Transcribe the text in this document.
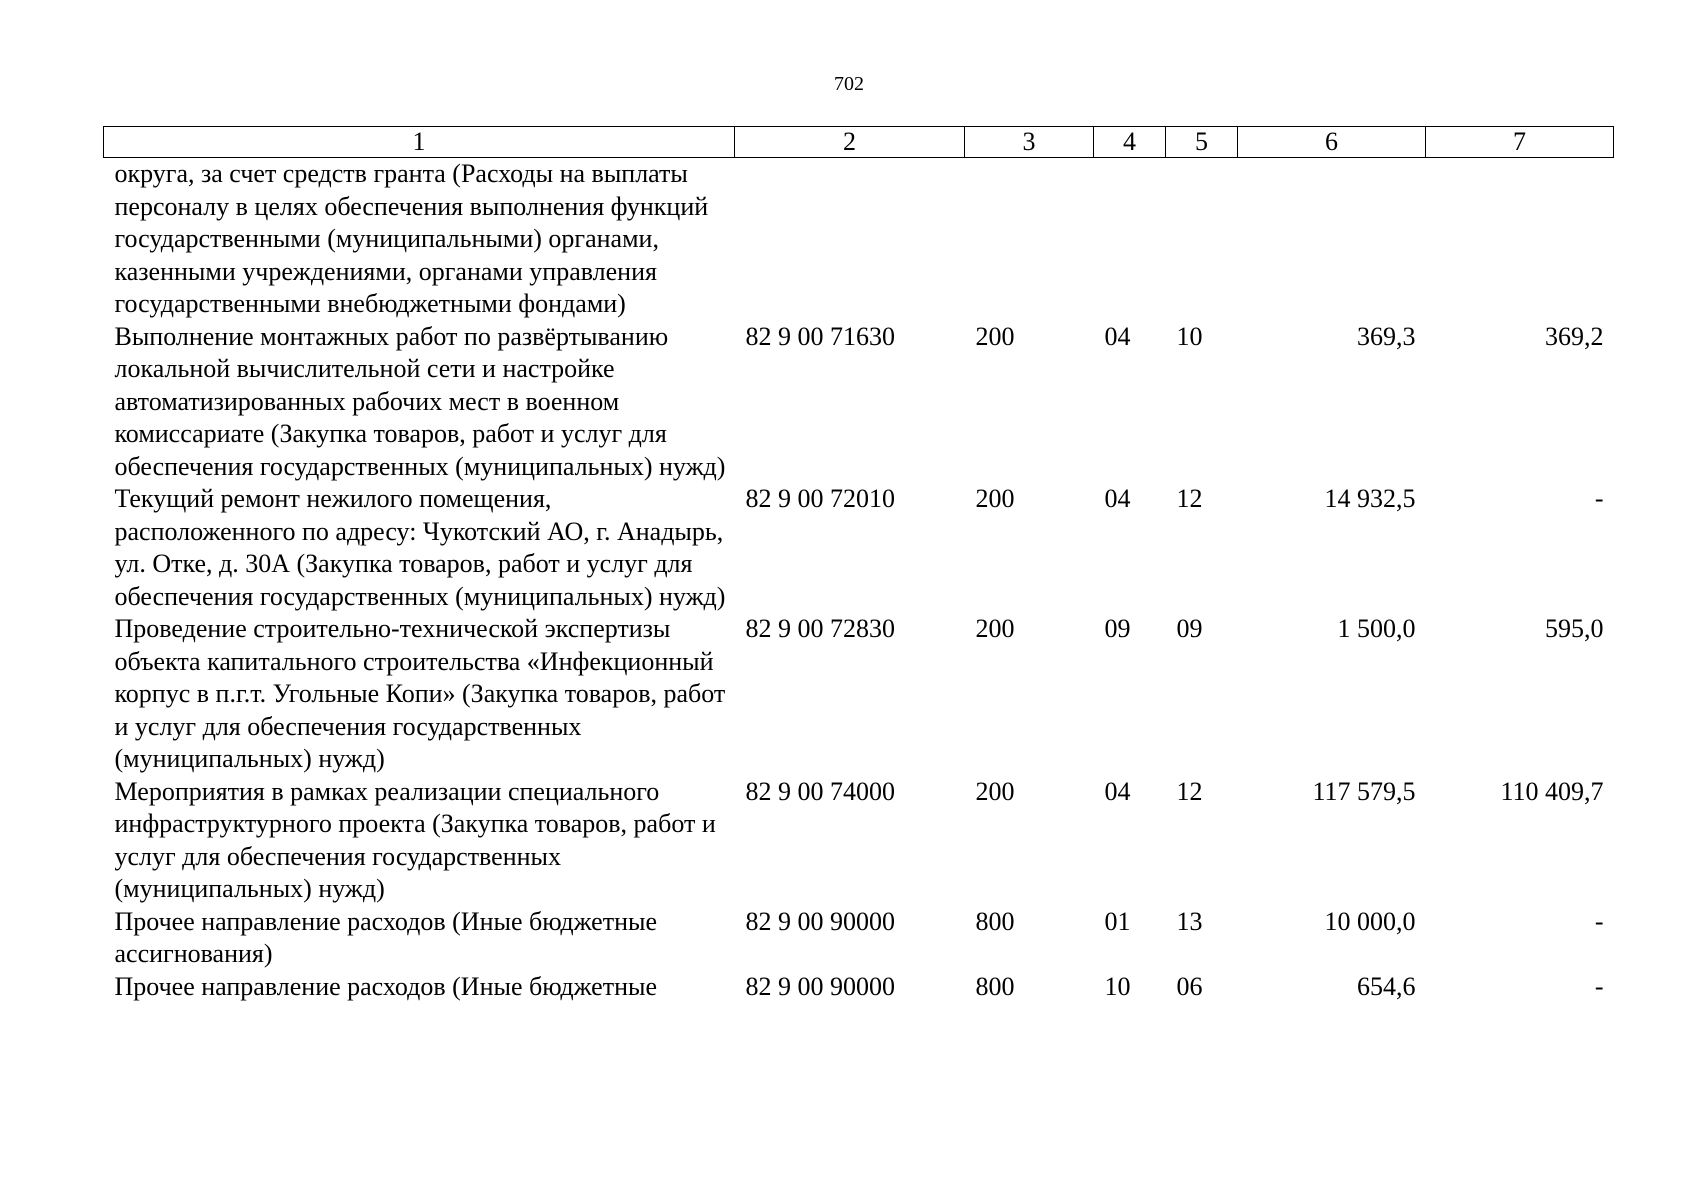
702
1	2	3	4	5	6	7
округа, за счет средств гранта (Расходы на выплаты персоналу в целях обеспечения выполнения функций государственными (муниципальными) органами, казенными учреждениями, органами управления государственными внебюджетными фондами)						
Выполнение монтажных работ по развёртыванию локальной вычислительной сети и настройке автоматизированных рабочих мест в военном комиссариате (Закупка товаров, работ и услуг для обеспечения государственных (муниципальных) нужд)	82 9 00 71630	200	04	10	369,3	369,2
Текущий ремонт нежилого помещения, расположенного по адресу: Чукотский АО, г. Анадырь, ул. Отке, д. 30А (Закупка товаров, работ и услуг для обеспечения государственных (муниципальных) нужд)	82 9 00 72010	200	04	12	14 932,5	-
Проведение строительно-технической экспертизы объекта капитального строительства «Инфекционный корпус в п.г.т. Угольные Копи» (Закупка товаров, работ и услуг для обеспечения государственных (муниципальных) нужд)	82 9 00 72830	200	09	09	1 500,0	595,0
Мероприятия в рамках реализации специального инфраструктурного проекта (Закупка товаров, работ и услуг для обеспечения государственных (муниципальных) нужд)	82 9 00 74000	200	04	12	117 579,5	110 409,7
Прочее направление расходов (Иные бюджетные ассигнования)	82 9 00 90000	800	01	13	10 000,0	-
Прочее направление расходов (Иные бюджетные	82 9 00 90000	800	10	06	654,6	-
